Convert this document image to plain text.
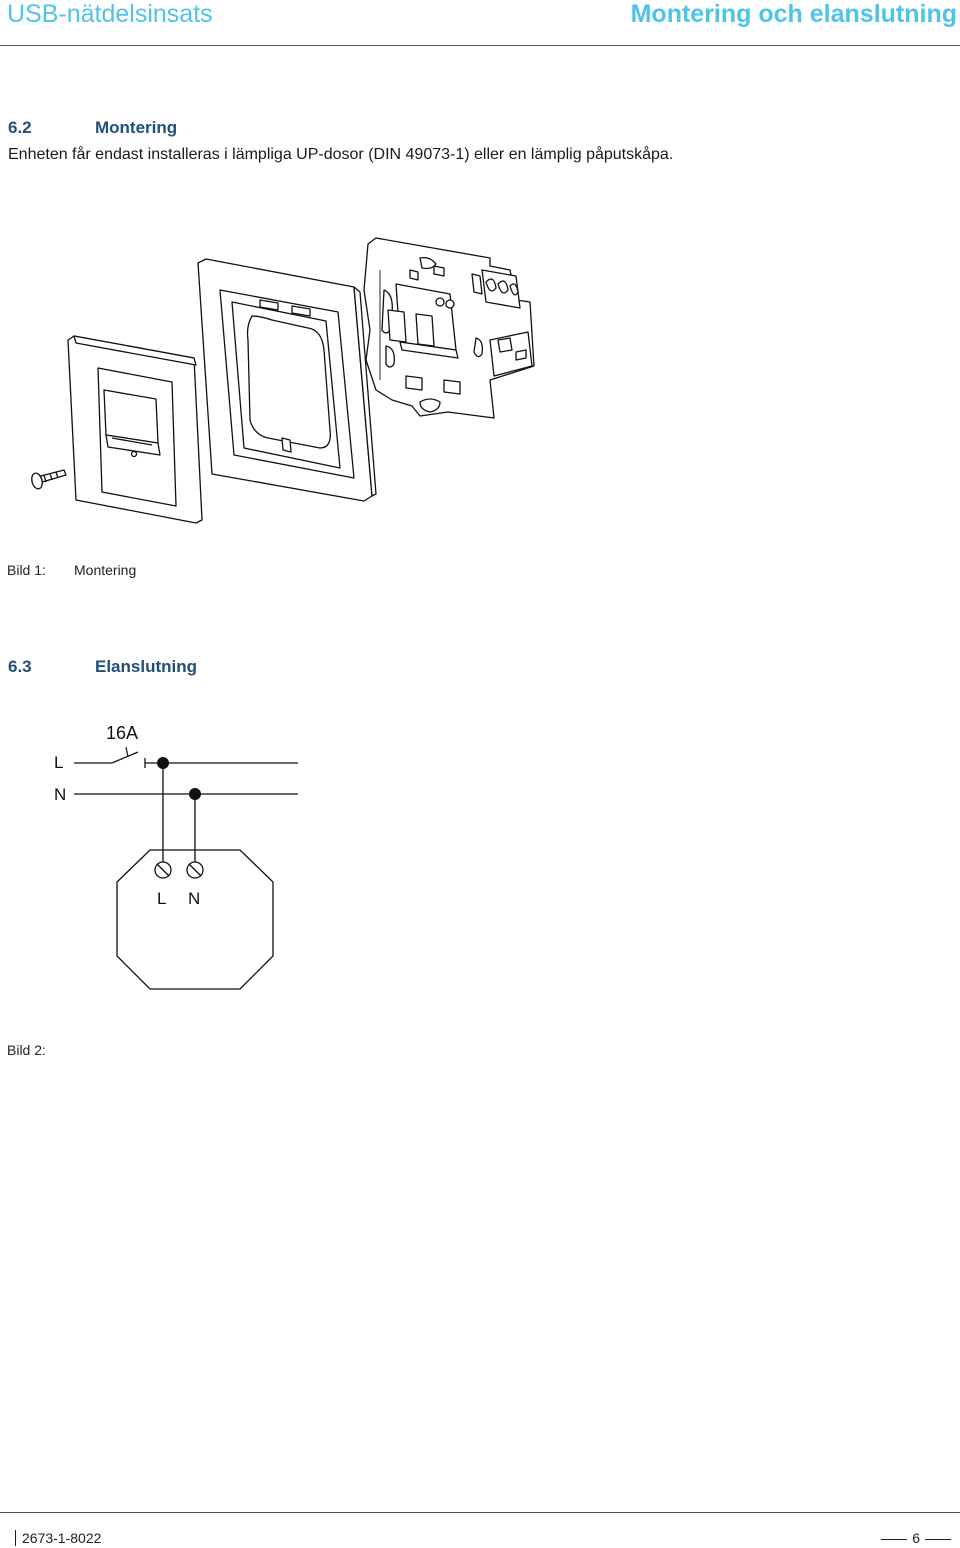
USB-nätdelsinsats	Montering och elanslutning
6.2	Montering
Enheten får endast installeras i lämpliga UP-dosor (DIN 49073-1) eller en lämplig påputskåpa.
Bild 1: Montering
6.3	Elanslutning
16A
L
N
L N
Bild 2:
2673-1-8022	6
